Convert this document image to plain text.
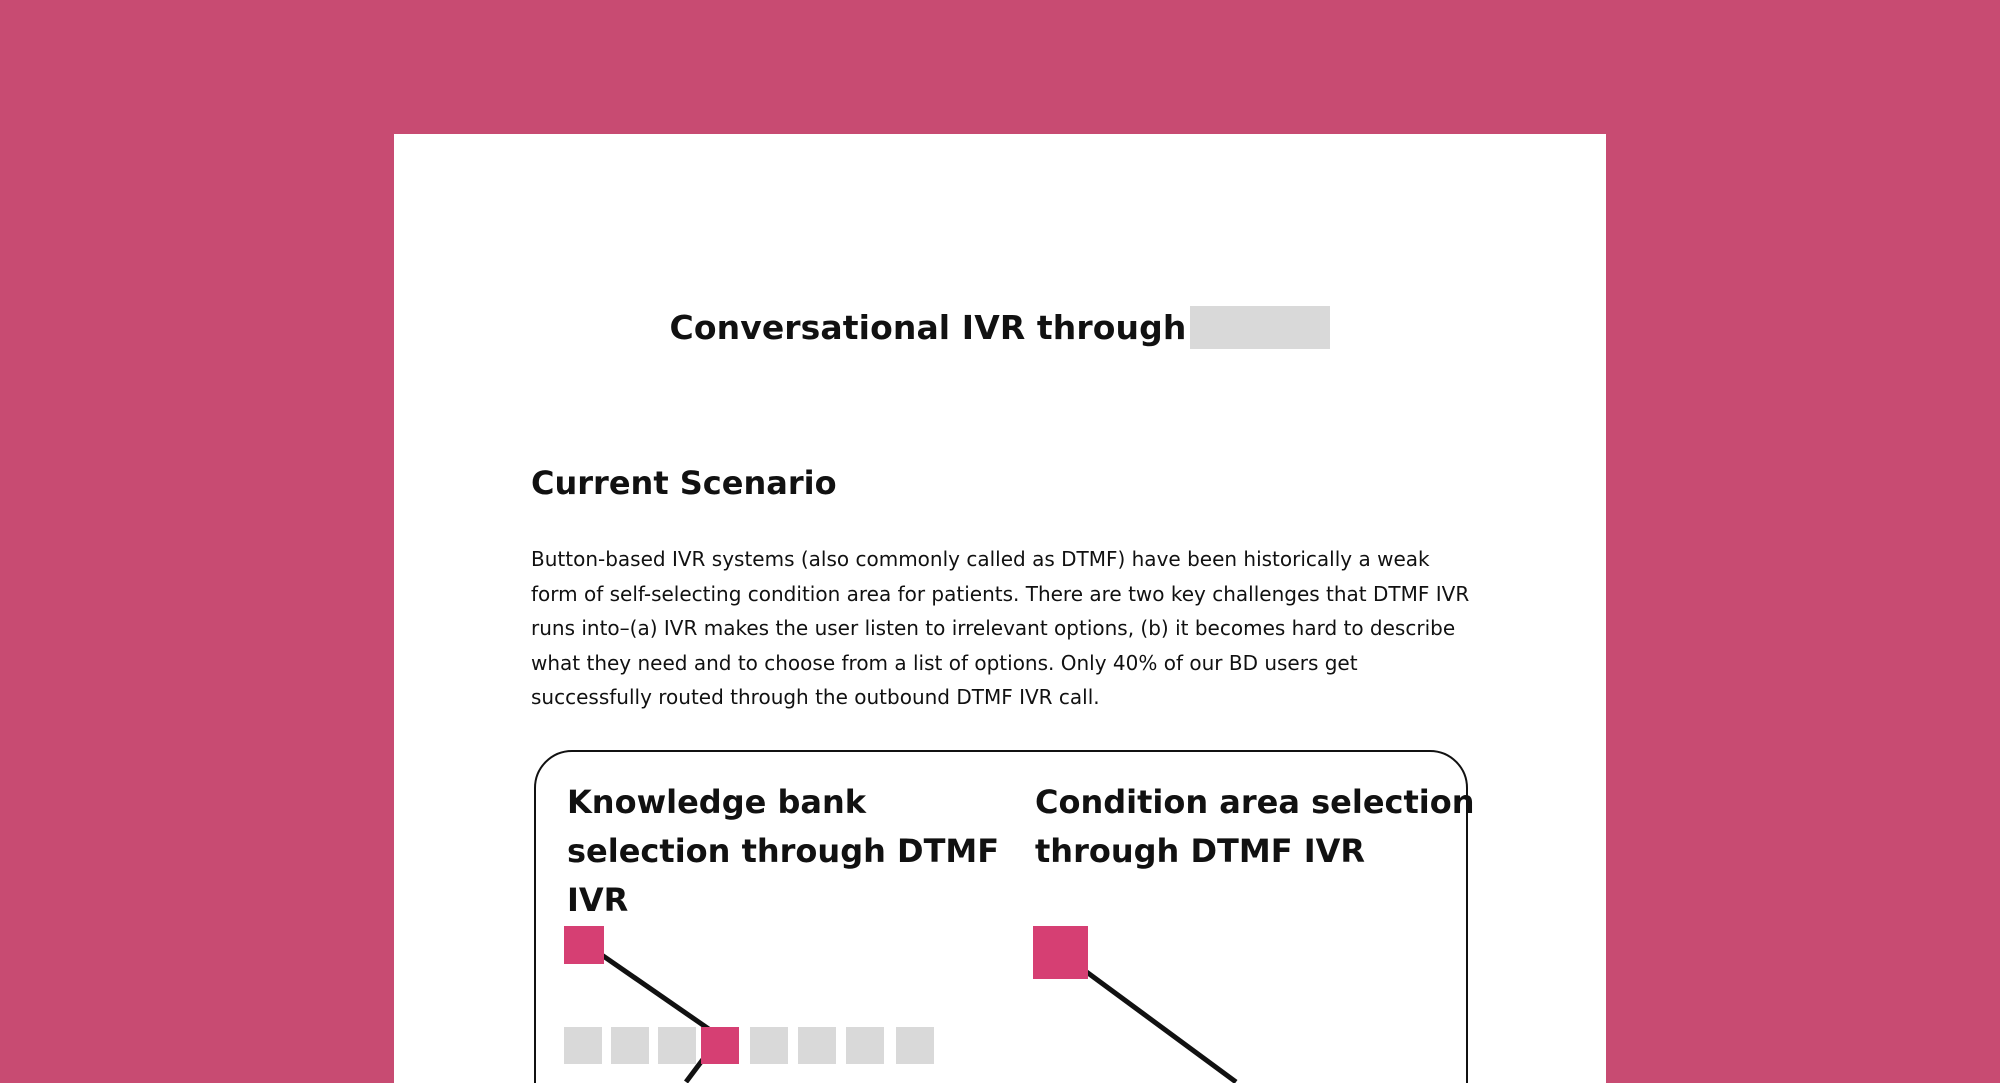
Conversational IVR through
Current Scenario

Button-based IVR systems (also commonly called as DTMF) have been historically a weak form of self-selecting condition area for patients. There are two key challenges that DTMF IVR runs into–(a) IVR makes the user listen to irrelevant options, (b) it becomes hard to describe what they need and to choose from a list of options. Only 40% of our BD users get successfully routed through the outbound DTMF IVR call.

Knowledge bank selection through DTMF IVR
Condition area selection through DTMF IVR
